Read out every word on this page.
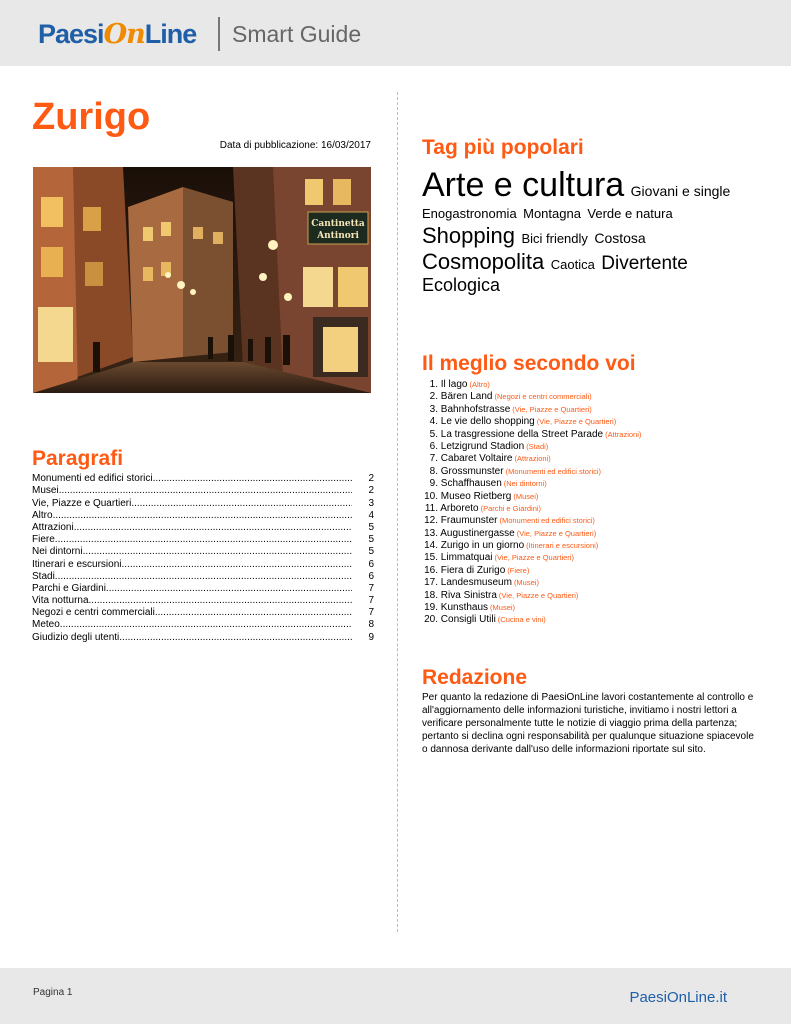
PaesiOnLine Smart Guide
Zurigo
Data di pubblicazione: 16/03/2017
Cantinetta
Antinori
Paragrafi
Monumenti ed edifici storici .....	2
Musei .....	2
Vie, Piazze e Quartieri .....	3
Altro .....	4
Attrazioni .....	5
Fiere .....	5
Nei dintorni .....	5
Itinerari e escursioni .....	6
Stadi .....	6
Parchi e Giardini .....	7
Vita notturna .....	7
Negozi e centri commerciali .....	7
Meteo .....	8
Giudizio degli utenti .....	9
Tag più popolari
Arte e cultura Giovani e single Enogastronomia Montagna Verde e natura Shopping Bici friendly Costosa Cosmopolita Caotica Divertente Ecologica
Il meglio secondo voi
1. Il lago (Altro)
2. Bären Land (Negozi e centri commerciali)
3. Bahnhofstrasse (Vie, Piazze e Quartieri)
4. Le vie dello shopping (Vie, Piazze e Quartieri)
5. La trasgressione della Street Parade (Attrazioni)
6. Letzigrund Stadion (Stadi)
7. Cabaret Voltaire (Attrazioni)
8. Grossmunster (Monumenti ed edifici storici)
9. Schaffhausen (Nei dintorni)
10. Museo Rietberg (Musei)
11. Arboreto (Parchi e Giardini)
12. Fraumunster (Monumenti ed edifici storici)
13. Augustinergasse (Vie, Piazze e Quartieri)
14. Zurigo in un giorno (Itinerari e escursioni)
15. Limmatquai (Vie, Piazze e Quartieri)
16. Fiera di Zurigo (Fiere)
17. Landesmuseum (Musei)
18. Riva Sinistra (Vie, Piazze e Quartieri)
19. Kunsthaus (Musei)
20. Consigli Utili (Cucina e vini)
Redazione

Per quanto la redazione di PaesiOnLine lavori costantemente al controllo e all'aggiornamento delle informazioni turistiche, invitiamo i nostri lettori a verificare personalmente tutte le notizie di viaggio prima della partenza; pertanto si declina ogni responsabilità per qualunque situazione spiacevole o dannosa derivante dall'uso delle informazioni riportate sul sito.

Pagina 1	PaesiOnLine.it
